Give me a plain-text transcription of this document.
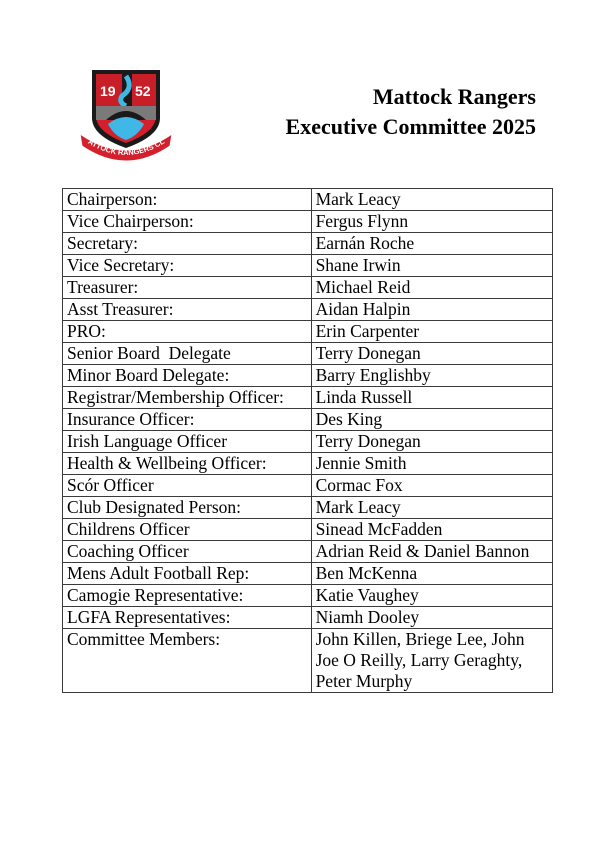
19 52
ATTOCK RANGERS CL
Mattock Rangers
Executive Committee 2025
Chairperson:	Mark Leacy
Vice Chairperson:	Fergus Flynn
Secretary:	Earnán Roche
Vice Secretary:	Shane Irwin
Treasurer:	Michael Reid
Asst Treasurer:	Aidan Halpin
PRO:	Erin Carpenter
Senior Board  Delegate	Terry Donegan
Minor Board Delegate:	Barry Englishby
Registrar/Membership Officer:	Linda Russell
Insurance Officer:	Des King
Irish Language Officer	Terry Donegan
Health & Wellbeing Officer:	Jennie Smith
Scór Officer	Cormac Fox
Club Designated Person:	Mark Leacy
Childrens Officer	Sinead McFadden
Coaching Officer	Adrian Reid & Daniel Bannon
Mens Adult Football Rep:	Ben McKenna
Camogie Representative:	Katie Vaughey
LGFA Representatives:	Niamh Dooley
Committee Members:	John Killen, Briege Lee, John Joe O Reilly, Larry Geraghty, Peter Murphy
